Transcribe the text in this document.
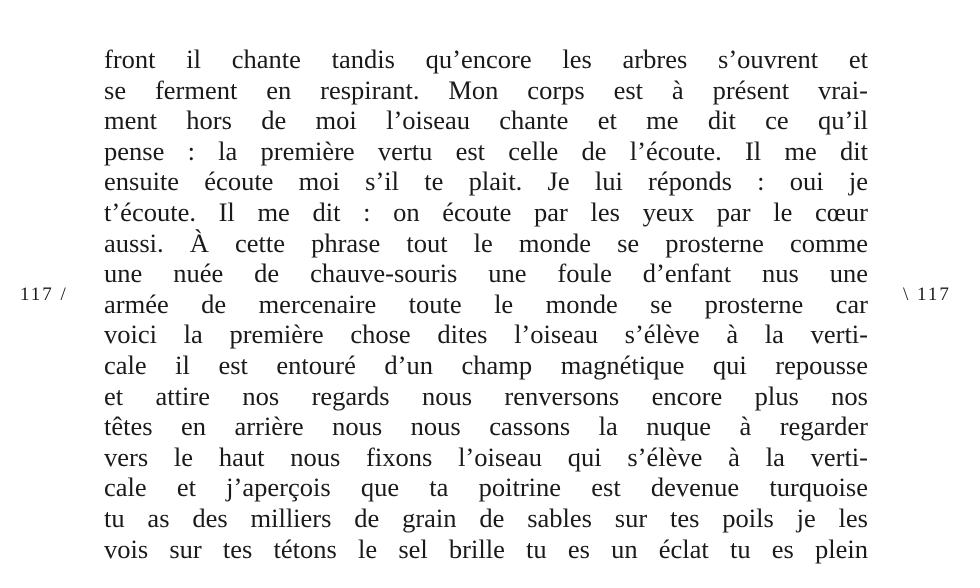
117 /	\ 117
front il chante tandis qu’encore les arbres s’ouvrent et
se ferment en respirant. Mon corps est à présent vrai-
ment hors de moi l’oiseau chante et me dit ce qu’il
pense : la première vertu est celle de l’écoute. Il me dit
ensuite écoute moi s’il te plait. Je lui réponds : oui je
t’écoute. Il me dit : on écoute par les yeux par le cœur
aussi. À cette phrase tout le monde se prosterne comme
une nuée de chauve-souris une foule d’enfant nus une
armée de mercenaire toute le monde se prosterne car
voici la première chose dites l’oiseau s’élève à la verti-
cale il est entouré d’un champ magnétique qui repousse
et attire nos regards nous renversons encore plus nos
têtes en arrière nous nous cassons la nuque à regarder
vers le haut nous fixons l’oiseau qui s’élève à la verti-
cale et j’aperçois que ta poitrine est devenue turquoise
tu as des milliers de grain de sables sur tes poils je les
vois sur tes tétons le sel brille tu es un éclat tu es plein
